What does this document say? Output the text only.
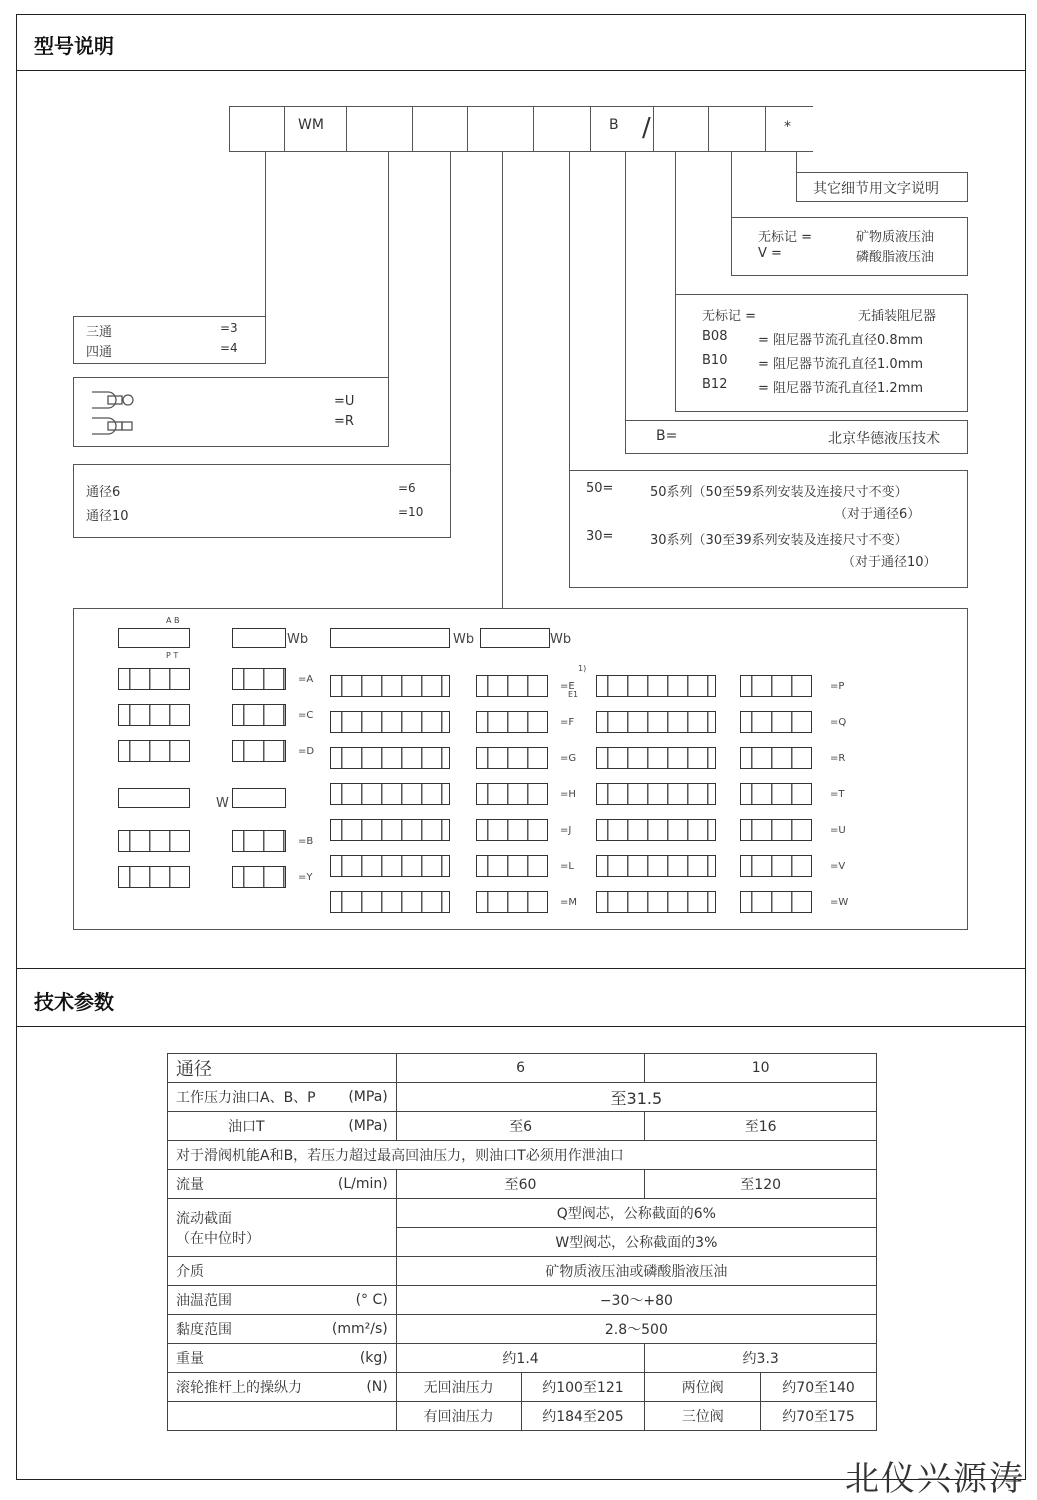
型号说明
技术参数
WM	B /	*
其它细节用文字说明
无标记 =	矿物质液压油
V =	磷酸脂液压油
无标记 =	无插装阻尼器
B08 = 阻尼器节流孔直径0.8mm
B10 = 阻尼器节流孔直径1.0mm
B12 = 阻尼器节流孔直径1.2mm
B=	北京华德液压技术
50=	50系列（50至59系列安装及连接尺寸不变）
（对于通径6）
30=	30系列（30至39系列安装及连接尺寸不变）
（对于通径10）
三通	=3
四通	=4
=U
=R
通径6	=6
通径10	=10
A B
P T
Wb	Wb	Wb
W
=A
=C
=D
=B
=Y
=E
E1
1)
=F
=G
=H
=J
=L
=M
=P
=Q
=R
=T
=U
=V
=W
通径	6		10	

工作压力油口A、B、P (MPa)	至31.5			

油口T (MPa)	至6		至16	
对于滑阀机能A和B，若压力超过最高回油压力，则油口T必须用作泄油口				

流量 (L/min)	至60		至120	

流动截面
（在中位时）	Q型阀芯，公称截面的6%			
	W型阀芯，公称截面的3%			
介质	矿物质液压油或磷酸脂液压油			

油温范围 (° C)	−30～+80			

黏度范围 (mm²/s)	2.8～500			

重量 (kg)	约1.4		约3.3	

滚轮推杆上的操纵力 (N)	无回油压力	约100至121	两位阀	约70至140
	有回油压力	约184至205	三位阀	约70至175
北仪兴源涛
